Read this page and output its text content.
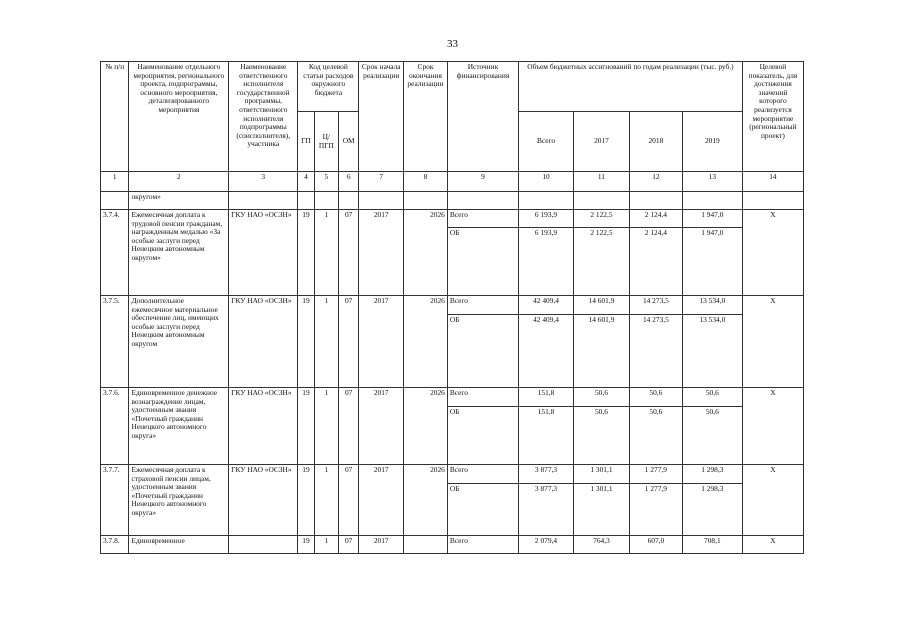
33
№ п/п	Наименование отдельного мероприятия, регионального проекта, подпрограммы, основного мероприятия, детализированного мероприятия	Наименование ответственного исполнителя государственной программы, ответственного исполнителя подпрограммы (соисполнителя), участника	Код целевой статьи расходов окружного бюджета			Срок начала реализации	Срок окончания реализации	Источник финансирования	Объем бюджетных ассигнований по годам реализации (тыс. руб.)				Целевой показатель, для достижения значений которого реализуется мероприятие (региональный проект)
			ГП	Ц/ПГП	ОМ				Всего	2017	2018	2019	
1	2	3	4	5	6	7	8	9	10	11	12	13	14
	округом»												
3.7.4.	Ежемесячная доплата к трудовой пенсии гражданам, награжденным медалью «За особые заслуги перед Ненецким автономным округом»	ГКУ НАО «ОСЗН»	19	1	07	2017	2026	Всего	6 193,9	2 122,5	2 124,4	1 947,0	Х
								ОБ	6 193,9	2 122,5	2 124,4	1 947,0	
3.7.5.	Дополнительное ежемесячное материальное обеспечение лиц, имеющих особые заслуги перед Ненецким автономным округом	ГКУ НАО «ОСЗН»	19	1	07	2017	2026	Всего	42 409,4	14 601,9	14 273,5	13 534,0	Х
								ОБ	42 409,4	14 601,9	14 273,5	13 534,0	
3.7.6.	Единовременное денежное вознаграждение лицам, удостоенным звания «Почетный гражданин Ненецкого автономного округа»	ГКУ НАО «ОСЗН»	19	1	07	2017	2026	Всего	151,8	50,6	50,6	50,6	Х
								ОБ	151,8	50,6	50,6	50,6	
3.7.7.	Ежемесячная доплата к страховой пенсии лицам, удостоенным звания «Почетный гражданин Ненецкого автономного округа»	ГКУ НАО «ОСЗН»	19	1	07	2017	2026	Всего	3 877,3	1 301,1	1 277,9	1 298,3	Х
								ОБ	3 877,3	1 301,1	1 277,9	1 298,3	
3.7.8.	Единовременное		19	1	07	2017		Всего	2 079,4	764,3	607,0	708,1	Х
